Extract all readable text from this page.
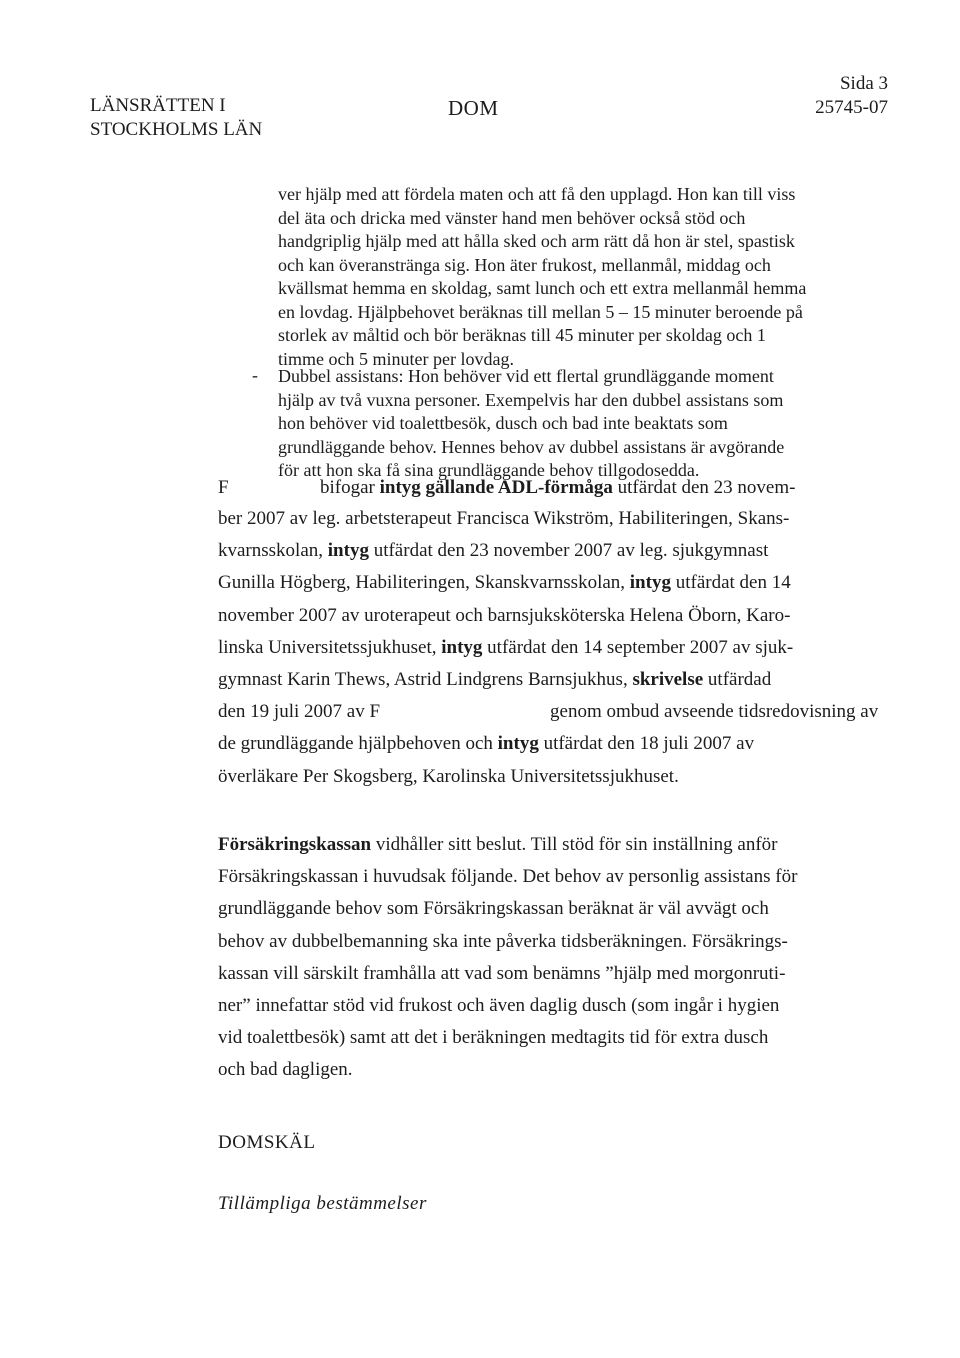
LÄNSRÄTTEN I
STOCKHOLMS LÄN
DOM
Sida 3
25745-07
ver hjälp med att fördela maten och att få den upplagd. Hon kan till viss del äta och dricka med vänster hand men behöver också stöd och handgriplig hjälp med att hålla sked och arm rätt då hon är stel, spastisk och kan överanstränga sig. Hon äter frukost, mellanmål, middag och kvällsmat hemma en skoldag, samt lunch och ett extra mellanmål hemma en lovdag. Hjälpbehovet beräknas till mellan 5 – 15 minuter beroende på storlek av måltid och bör beräknas till 45 minuter per skoldag och 1 timme och 5 minuter per lovdag.
- Dubbel assistans: Hon behöver vid ett flertal grundläggande moment hjälp av två vuxna personer. Exempelvis har den dubbel assistans som hon behöver vid toalettbesök, dusch och bad inte beaktats som grundläggande behov. Hennes behov av dubbel assistans är avgörande för att hon ska få sina grundläggande behov tillgodosedda.
F	bifogar intyg gällande ADL-förmåga utfärdat den 23 novem-
ber 2007 av leg. arbetsterapeut Francisca Wikström, Habiliteringen, Skans-
kvarnsskolan, intyg utfärdat den 23 november 2007 av leg. sjukgymnast
Gunilla Högberg, Habiliteringen, Skanskvarnsskolan, intyg utfärdat den 14
november 2007 av uroterapeut och barnsjuksköterska Helena Öborn, Karo-
linska Universitetssjukhuset, intyg utfärdat den 14 september 2007 av sjuk-
gymnast Karin Thews, Astrid Lindgrens Barnsjukhus, skrivelse utfärdad
den 19 juli 2007 av F	genom ombud avseende tidsredovisning av
de grundläggande hjälpbehoven och intyg utfärdat den 18 juli 2007 av
överläkare Per Skogsberg, Karolinska Universitetssjukhuset.
Försäkringskassan vidhåller sitt beslut. Till stöd för sin inställning anför
Försäkringskassan i huvudsak följande. Det behov av personlig assistans för
grundläggande behov som Försäkringskassan beräknat är väl avvägt och
behov av dubbelbemanning ska inte påverka tidsberäkningen. Försäkrings-
kassan vill särskilt framhålla att vad som benämns ”hjälp med morgonruti-
ner” innefattar stöd vid frukost och även daglig dusch (som ingår i hygien
vid toalettbesök) samt att det i beräkningen medtagits tid för extra dusch
och bad dagligen.
DOMSKÄL
Tillämpliga bestämmelser
